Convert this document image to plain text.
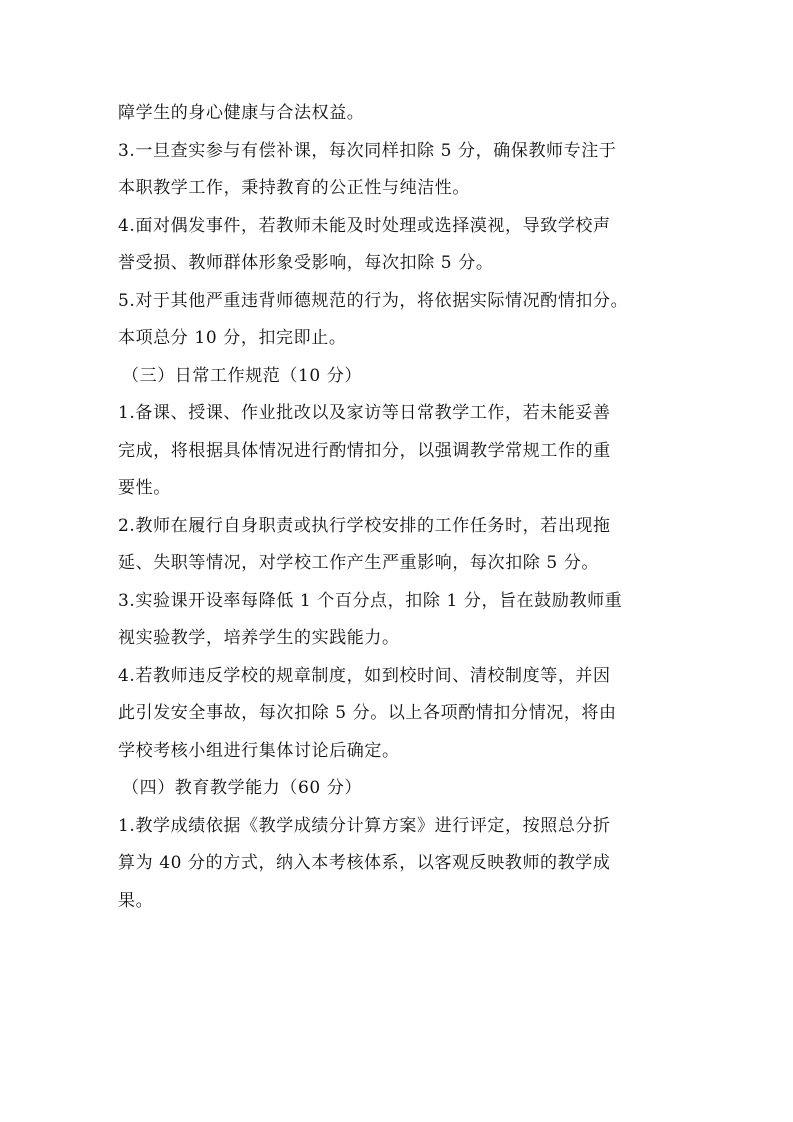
障学生的身心健康与合法权益。
3.一旦查实参与有偿补课，每次同样扣除 5 分，确保教师专注于
本职教学工作，秉持教育的公正性与纯洁性。
4.面对偶发事件，若教师未能及时处理或选择漠视，导致学校声
誉受损、教师群体形象受影响，每次扣除 5 分。
5.对于其他严重违背师德规范的行为，将依据实际情况酌情扣分。
本项总分 10 分，扣完即止。
（三）日常工作规范（10 分）
1.备课、授课、作业批改以及家访等日常教学工作，若未能妥善
完成，将根据具体情况进行酌情扣分，以强调教学常规工作的重
要性。
2.教师在履行自身职责或执行学校安排的工作任务时，若出现拖
延、失职等情况，对学校工作产生严重影响，每次扣除 5 分。
3.实验课开设率每降低 1 个百分点，扣除 1 分，旨在鼓励教师重
视实验教学，培养学生的实践能力。
4.若教师违反学校的规章制度，如到校时间、清校制度等，并因
此引发安全事故，每次扣除 5 分。以上各项酌情扣分情况，将由
学校考核小组进行集体讨论后确定。
（四）教育教学能力（60 分）
1.教学成绩依据《教学成绩分计算方案》进行评定，按照总分折
算为 40 分的方式，纳入本考核体系，以客观反映教师的教学成
果。
